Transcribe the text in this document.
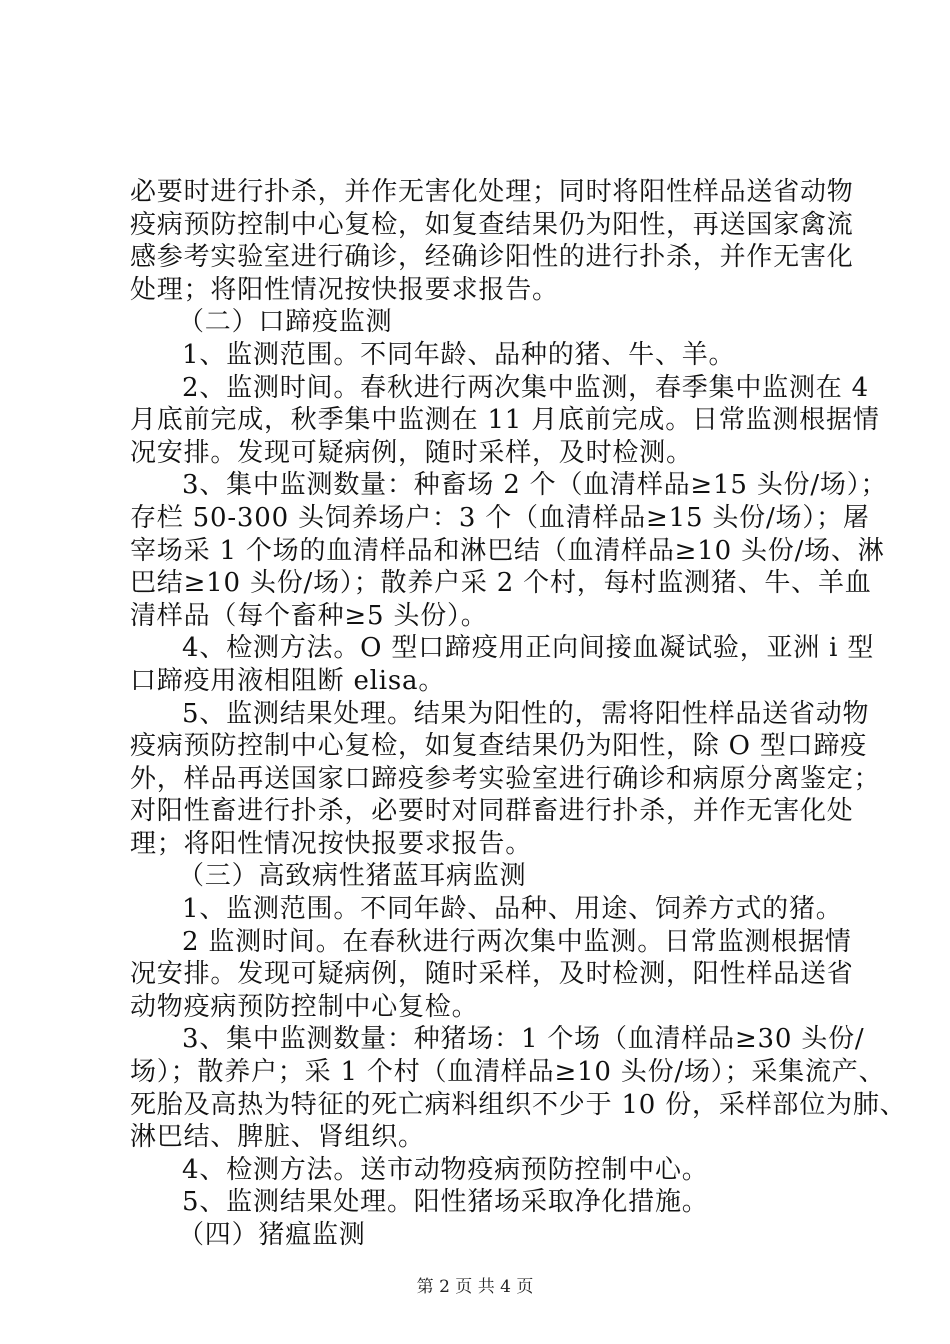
必要时进行扑杀，并作无害化处理；同时将阳性样品送省动物
疫病预防控制中心复检，如复查结果仍为阳性，再送国家禽流
感参考实验室进行确诊，经确诊阳性的进行扑杀，并作无害化
处理；将阳性情况按快报要求报告。
（二）口蹄疫监测
1、监测范围。不同年龄、品种的猪、牛、羊。
2、监测时间。春秋进行两次集中监测，春季集中监测在 4
月底前完成，秋季集中监测在 11 月底前完成。日常监测根据情
况安排。发现可疑病例，随时采样，及时检测。
3、集中监测数量：种畜场 2 个（血清样品≥15 头份/场）；
存栏 50-300 头饲养场户：3 个（血清样品≥15 头份/场）；屠
宰场采 1 个场的血清样品和淋巴结（血清样品≥10 头份/场、淋
巴结≥10 头份/场）；散养户采 2 个村，每村监测猪、牛、羊血
清样品（每个畜种≥5 头份）。
4、检测方法。O 型口蹄疫用正向间接血凝试验，亚洲 i 型
口蹄疫用液相阻断 elisa。
5、监测结果处理。结果为阳性的，需将阳性样品送省动物
疫病预防控制中心复检，如复查结果仍为阳性，除 O 型口蹄疫
外，样品再送国家口蹄疫参考实验室进行确诊和病原分离鉴定；
对阳性畜进行扑杀，必要时对同群畜进行扑杀，并作无害化处
理；将阳性情况按快报要求报告。
（三）高致病性猪蓝耳病监测
1、监测范围。不同年龄、品种、用途、饲养方式的猪。
2 监测时间。在春秋进行两次集中监测。日常监测根据情
况安排。发现可疑病例，随时采样，及时检测，阳性样品送省
动物疫病预防控制中心复检。
3、集中监测数量：种猪场：1 个场（血清样品≥30 头份/
场）；散养户；采 1 个村（血清样品≥10 头份/场）；采集流产、
死胎及高热为特征的死亡病料组织不少于 10 份，采样部位为肺、
淋巴结、脾脏、肾组织。
4、检测方法。送市动物疫病预防控制中心。
5、监测结果处理。阳性猪场采取净化措施。
（四）猪瘟监测
第 2 页 共 4 页
